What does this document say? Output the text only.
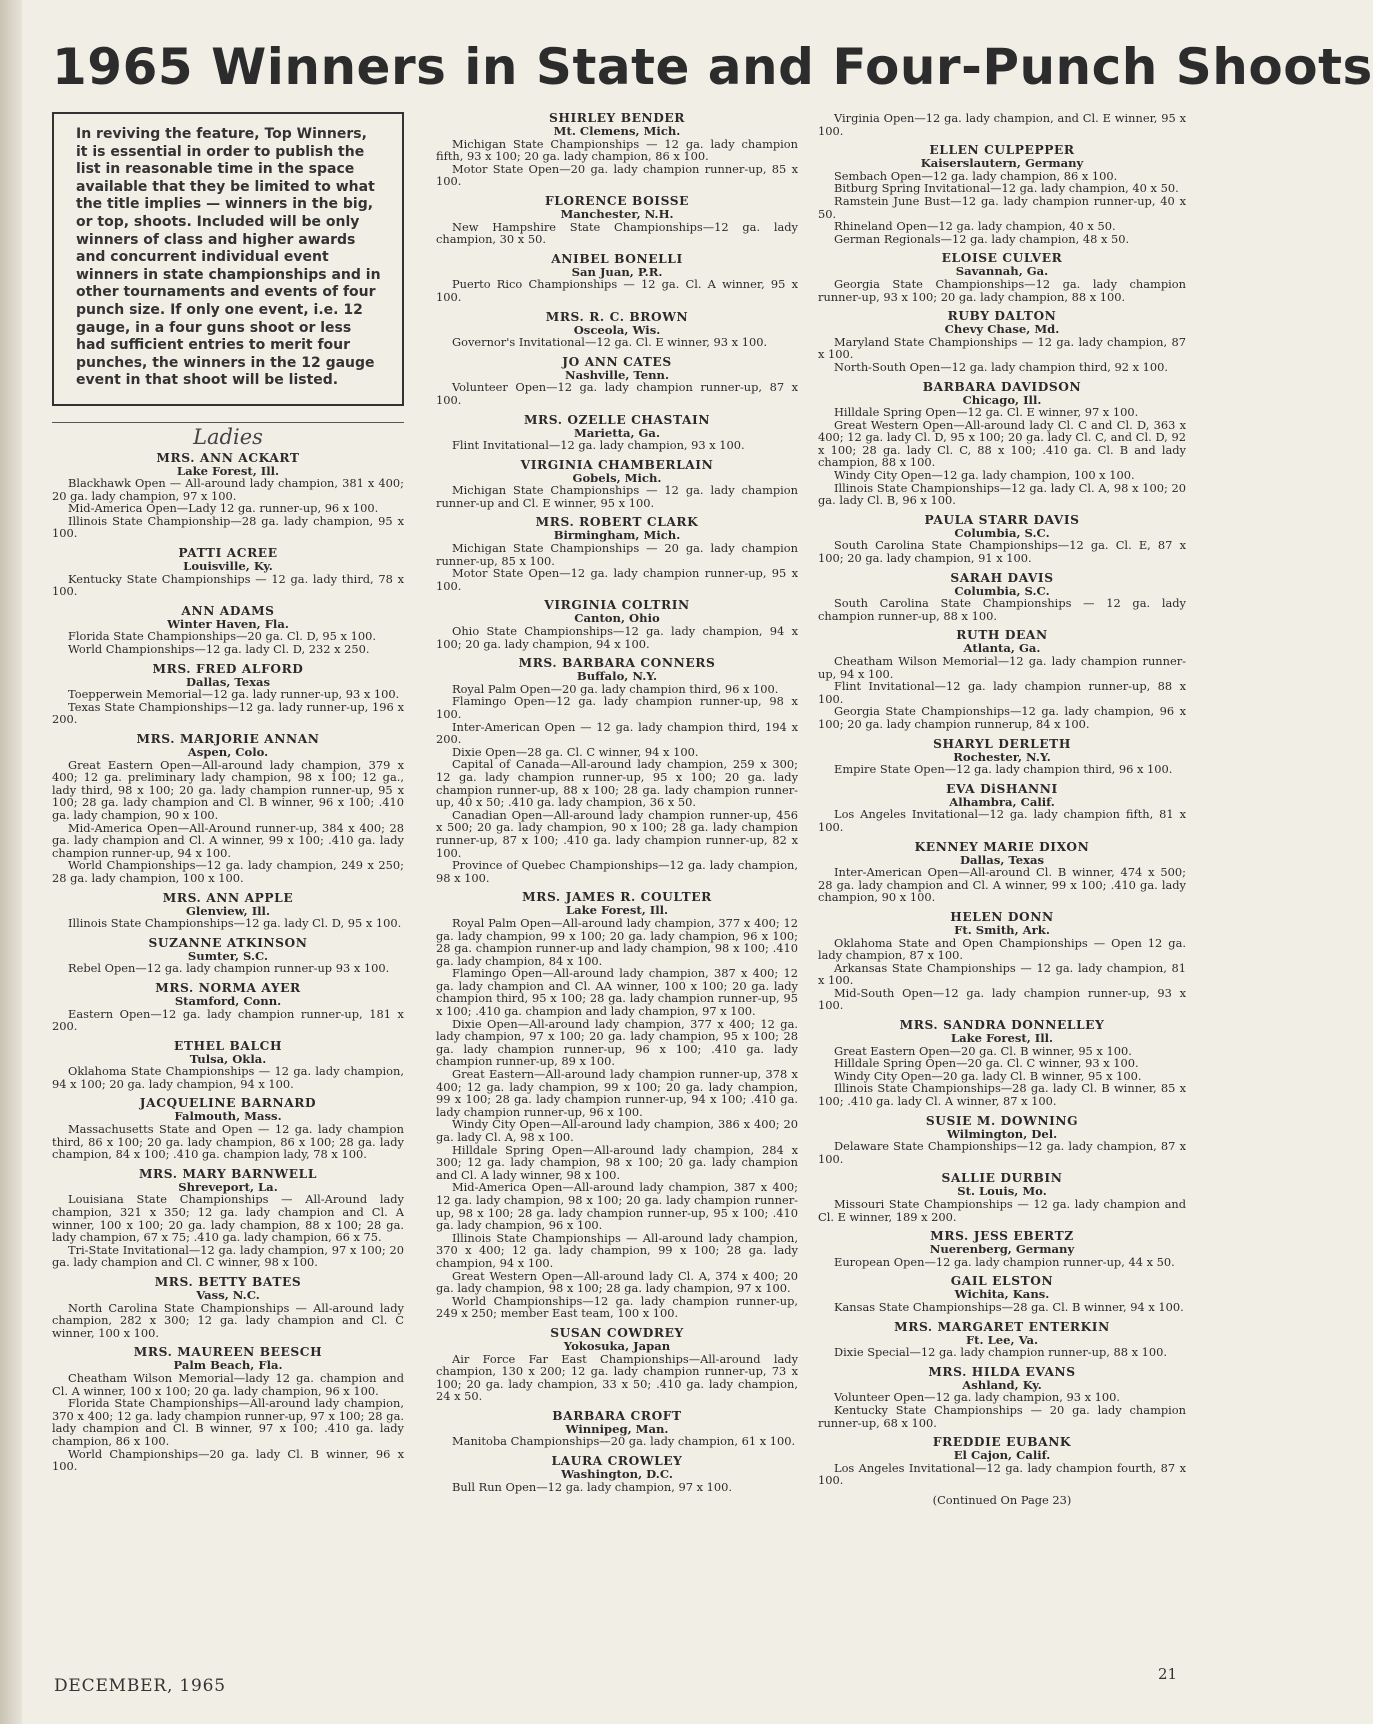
1965 Winners in State and Four-Punch Shoots
In reviving the feature, Top Winners, it is essential in order to publish the list in reasonable time in the space available that they be limited to what the title implies — winners in the big, or top, shoots. Included will be only winners of class and higher awards and concurrent individual event winners in state championships and in other tournaments and events of four punch size. If only one event, i.e. 12 gauge, in a four guns shoot or less had sufficient entries to merit four punches, the winners in the 12 gauge event in that shoot will be listed.
Ladies
MRS. ANN ACKART
Lake Forest, Ill.
Blackhawk Open — All-around lady champion, 381 x 400; 20 ga. lady champion, 97 x 100.
Mid-America Open—Lady 12 ga. runner-up, 96 x 100.
Illinois State Championship—28 ga. lady champion, 95 x 100.
PATTI ACREE
Louisville, Ky.
Kentucky State Championships — 12 ga. lady third, 78 x 100.
ANN ADAMS
Winter Haven, Fla.
Florida State Championships—20 ga. Cl. D, 95 x 100.
World Championships—12 ga. lady Cl. D, 232 x 250.
MRS. FRED ALFORD
Dallas, Texas
Toepperwein Memorial—12 ga. lady runner-up, 93 x 100.
Texas State Championships—12 ga. lady runner-up, 196 x 200.
MRS. MARJORIE ANNAN
Aspen, Colo.
Great Eastern Open—All-around lady champion, 379 x 400; 12 ga. preliminary lady champion, 98 x 100; 12 ga., lady third, 98 x 100; 20 ga. lady champion runner-up, 95 x 100; 28 ga. lady champion and Cl. B winner, 96 x 100; .410 ga. lady champion, 90 x 100.
Mid-America Open—All-Around runner-up, 384 x 400; 28 ga. lady champion and Cl. A winner, 99 x 100; .410 ga. lady champion runner-up, 94 x 100.
World Championships—12 ga. lady champion, 249 x 250; 28 ga. lady champion, 100 x 100.
MRS. ANN APPLE
Glenview, Ill.
Illinois State Championships—12 ga. lady Cl. D, 95 x 100.
SUZANNE ATKINSON
Sumter, S.C.
Rebel Open—12 ga. lady champion runner-up 93 x 100.
MRS. NORMA AYER
Stamford, Conn.
Eastern Open—12 ga. lady champion runner-up, 181 x 200.
ETHEL BALCH
Tulsa, Okla.
Oklahoma State Championships — 12 ga. lady champion, 94 x 100; 20 ga. lady champion, 94 x 100.
JACQUELINE BARNARD
Falmouth, Mass.
Massachusetts State and Open — 12 ga. lady champion third, 86 x 100; 20 ga. lady champion, 86 x 100; 28 ga. lady champion, 84 x 100; .410 ga. champion lady, 78 x 100.
MRS. MARY BARNWELL
Shreveport, La.
Louisiana State Championships — All-Around lady champion, 321 x 350; 12 ga. lady champion and Cl. A winner, 100 x 100; 20 ga. lady champion, 88 x 100; 28 ga. lady champion, 67 x 75; .410 ga. lady champion, 66 x 75.
Tri-State Invitational—12 ga. lady champion, 97 x 100; 20 ga. lady champion and Cl. C winner, 98 x 100.
MRS. BETTY BATES
Vass, N.C.
North Carolina State Championships — All-around lady champion, 282 x 300; 12 ga. lady champion and Cl. C winner, 100 x 100.
MRS. MAUREEN BEESCH
Palm Beach, Fla.
Cheatham Wilson Memorial—lady 12 ga. champion and Cl. A winner, 100 x 100; 20 ga. lady champion, 96 x 100.
Florida State Championships—All-around lady champion, 370 x 400; 12 ga. lady champion runner-up, 97 x 100; 28 ga. lady champion and Cl. B winner, 97 x 100; .410 ga. lady champion, 86 x 100.
World Championships—20 ga. lady Cl. B winner, 96 x 100.
SHIRLEY BENDER
Mt. Clemens, Mich.
Michigan State Championships — 12 ga. lady champion fifth, 93 x 100; 20 ga. lady champion, 86 x 100.
Motor State Open—20 ga. lady champion runner-up, 85 x 100.
FLORENCE BOISSE
Manchester, N.H.
New Hampshire State Championships—12 ga. lady champion, 30 x 50.
ANIBEL BONELLI
San Juan, P.R.
Puerto Rico Championships — 12 ga. Cl. A winner, 95 x 100.
MRS. R. C. BROWN
Osceola, Wis.
Governor's Invitational—12 ga. Cl. E winner, 93 x 100.
JO ANN CATES
Nashville, Tenn.
Volunteer Open—12 ga. lady champion runner-up, 87 x 100.
MRS. OZELLE CHASTAIN
Marietta, Ga.
Flint Invitational—12 ga. lady champion, 93 x 100.
VIRGINIA CHAMBERLAIN
Gobels, Mich.
Michigan State Championships — 12 ga. lady champion runner-up and Cl. E winner, 95 x 100.
MRS. ROBERT CLARK
Birmingham, Mich.
Michigan State Championships — 20 ga. lady champion runner-up, 85 x 100.
Motor State Open—12 ga. lady champion runner-up, 95 x 100.
VIRGINIA COLTRIN
Canton, Ohio
Ohio State Championships—12 ga. lady champion, 94 x 100; 20 ga. lady champion, 94 x 100.
MRS. BARBARA CONNERS
Buffalo, N.Y.
Royal Palm Open—20 ga. lady champion third, 96 x 100.
Flamingo Open—12 ga. lady champion runner-up, 98 x 100.
Inter-American Open — 12 ga. lady champion third, 194 x 200.
Dixie Open—28 ga. Cl. C winner, 94 x 100.
Capital of Canada—All-around lady champion, 259 x 300; 12 ga. lady champion runner-up, 95 x 100; 20 ga. lady champion runner-up, 88 x 100; 28 ga. lady champion runner-up, 40 x 50; .410 ga. lady champion, 36 x 50.
Canadian Open—All-around lady champion runner-up, 456 x 500; 20 ga. lady champion, 90 x 100; 28 ga. lady champion runner-up, 87 x 100; .410 ga. lady champion runner-up, 82 x 100.
Province of Quebec Championships—12 ga. lady champion, 98 x 100.
MRS. JAMES R. COULTER
Lake Forest, Ill.
Royal Palm Open—All-around lady champion, 377 x 400; 12 ga. lady champion, 99 x 100; 20 ga. lady champion, 96 x 100; 28 ga. champion runner-up and lady champion, 98 x 100; .410 ga. lady champion, 84 x 100.
Flamingo Open—All-around lady champion, 387 x 400; 12 ga. lady champion and Cl. AA winner, 100 x 100; 20 ga. lady champion third, 95 x 100; 28 ga. lady champion runner-up, 95 x 100; .410 ga. champion and lady champion, 97 x 100.
Dixie Open—All-around lady champion, 377 x 400; 12 ga. lady champion, 97 x 100; 20 ga. lady champion, 95 x 100; 28 ga. lady champion runner-up, 96 x 100; .410 ga. lady champion runner-up, 89 x 100.
Great Eastern—All-around lady champion runner-up, 378 x 400; 12 ga. lady champion, 99 x 100; 20 ga. lady champion, 99 x 100; 28 ga. lady champion runner-up, 94 x 100; .410 ga. lady champion runner-up, 96 x 100.
Windy City Open—All-around lady champion, 386 x 400; 20 ga. lady Cl. A, 98 x 100.
Hilldale Spring Open—All-around lady champion, 284 x 300; 12 ga. lady champion, 98 x 100; 20 ga. lady champion and Cl. A lady winner, 98 x 100.
Mid-America Open—All-around lady champion, 387 x 400; 12 ga. lady champion, 98 x 100; 20 ga. lady champion runner-up, 98 x 100; 28 ga. lady champion runner-up, 95 x 100; .410 ga. lady champion, 96 x 100.
Illinois State Championships — All-around lady champion, 370 x 400; 12 ga. lady champion, 99 x 100; 28 ga. lady champion, 94 x 100.
Great Western Open—All-around lady Cl. A, 374 x 400; 20 ga. lady champion, 98 x 100; 28 ga. lady champion, 97 x 100.
World Championships—12 ga. lady champion runner-up, 249 x 250; member East team, 100 x 100.
SUSAN COWDREY
Yokosuka, Japan
Air Force Far East Championships—All-around lady champion, 130 x 200; 12 ga. lady champion runner-up, 73 x 100; 20 ga. lady champion, 33 x 50; .410 ga. lady champion, 24 x 50.
BARBARA CROFT
Winnipeg, Man.
Manitoba Championships—20 ga. lady champion, 61 x 100.
LAURA CROWLEY
Washington, D.C.
Bull Run Open—12 ga. lady champion, 97 x 100.
Virginia Open—12 ga. lady champion, and Cl. E winner, 95 x 100.
ELLEN CULPEPPER
Kaiserslautern, Germany
Sembach Open—12 ga. lady champion, 86 x 100.
Bitburg Spring Invitational—12 ga. lady champion, 40 x 50.
Ramstein June Bust—12 ga. lady champion runner-up, 40 x 50.
Rhineland Open—12 ga. lady champion, 40 x 50.
German Regionals—12 ga. lady champion, 48 x 50.
ELOISE CULVER
Savannah, Ga.
Georgia State Championships—12 ga. lady champion runner-up, 93 x 100; 20 ga. lady champion, 88 x 100.
RUBY DALTON
Chevy Chase, Md.
Maryland State Championships — 12 ga. lady champion, 87 x 100.
North-South Open—12 ga. lady champion third, 92 x 100.
BARBARA DAVIDSON
Chicago, Ill.
Hilldale Spring Open—12 ga. Cl. E winner, 97 x 100.
Great Western Open—All-around lady Cl. C and Cl. D, 363 x 400; 12 ga. lady Cl. D, 95 x 100; 20 ga. lady Cl. C, and Cl. D, 92 x 100; 28 ga. lady Cl. C, 88 x 100; .410 ga. Cl. B and lady champion, 88 x 100.
Windy City Open—12 ga. lady champion, 100 x 100.
Illinois State Championships—12 ga. lady Cl. A, 98 x 100; 20 ga. lady Cl. B, 96 x 100.
PAULA STARR DAVIS
Columbia, S.C.
South Carolina State Championships—12 ga. Cl. E, 87 x 100; 20 ga. lady champion, 91 x 100.
SARAH DAVIS
Columbia, S.C.
South Carolina State Championships — 12 ga. lady champion runner-up, 88 x 100.
RUTH DEAN
Atlanta, Ga.
Cheatham Wilson Memorial—12 ga. lady champion runner-up, 94 x 100.
Flint Invitational—12 ga. lady champion runner-up, 88 x 100.
Georgia State Championships—12 ga. lady champion, 96 x 100; 20 ga. lady champion runnerup, 84 x 100.
SHARYL DERLETH
Rochester, N.Y.
Empire State Open—12 ga. lady champion third, 96 x 100.
EVA DiSHANNI
Alhambra, Calif.
Los Angeles Invitational—12 ga. lady champion fifth, 81 x 100.
KENNEY MARIE DIXON
Dallas, Texas
Inter-American Open—All-around Cl. B winner, 474 x 500; 28 ga. lady champion and Cl. A winner, 99 x 100; .410 ga. lady champion, 90 x 100.
HELEN DONN
Ft. Smith, Ark.
Oklahoma State and Open Championships — Open 12 ga. lady champion, 87 x 100.
Arkansas State Championships — 12 ga. lady champion, 81 x 100.
Mid-South Open—12 ga. lady champion runner-up, 93 x 100.
MRS. SANDRA DONNELLEY
Lake Forest, Ill.
Great Eastern Open—20 ga. Cl. B winner, 95 x 100.
Hilldale Spring Open—20 ga. Cl. C winner, 93 x 100.
Windy City Open—20 ga. lady Cl. B winner, 95 x 100.
Illinois State Championships—28 ga. lady Cl. B winner, 85 x 100; .410 ga. lady Cl. A winner, 87 x 100.
SUSIE M. DOWNING
Wilmington, Del.
Delaware State Championships—12 ga. lady champion, 87 x 100.
SALLIE DURBIN
St. Louis, Mo.
Missouri State Championships — 12 ga. lady champion and Cl. E winner, 189 x 200.
MRS. JESS EBERTZ
Nuerenberg, Germany
European Open—12 ga. lady champion runner-up, 44 x 50.
GAIL ELSTON
Wichita, Kans.
Kansas State Championships—28 ga. Cl. B winner, 94 x 100.
MRS. MARGARET ENTERKIN
Ft. Lee, Va.
Dixie Special—12 ga. lady champion runner-up, 88 x 100.
MRS. HILDA EVANS
Ashland, Ky.
Volunteer Open—12 ga. lady champion, 93 x 100.
Kentucky State Championships — 20 ga. lady champion runner-up, 68 x 100.
FREDDIE EUBANK
El Cajon, Calif.
Los Angeles Invitational—12 ga. lady champion fourth, 87 x 100.
(Continued On Page 23)
DECEMBER, 1965
21
